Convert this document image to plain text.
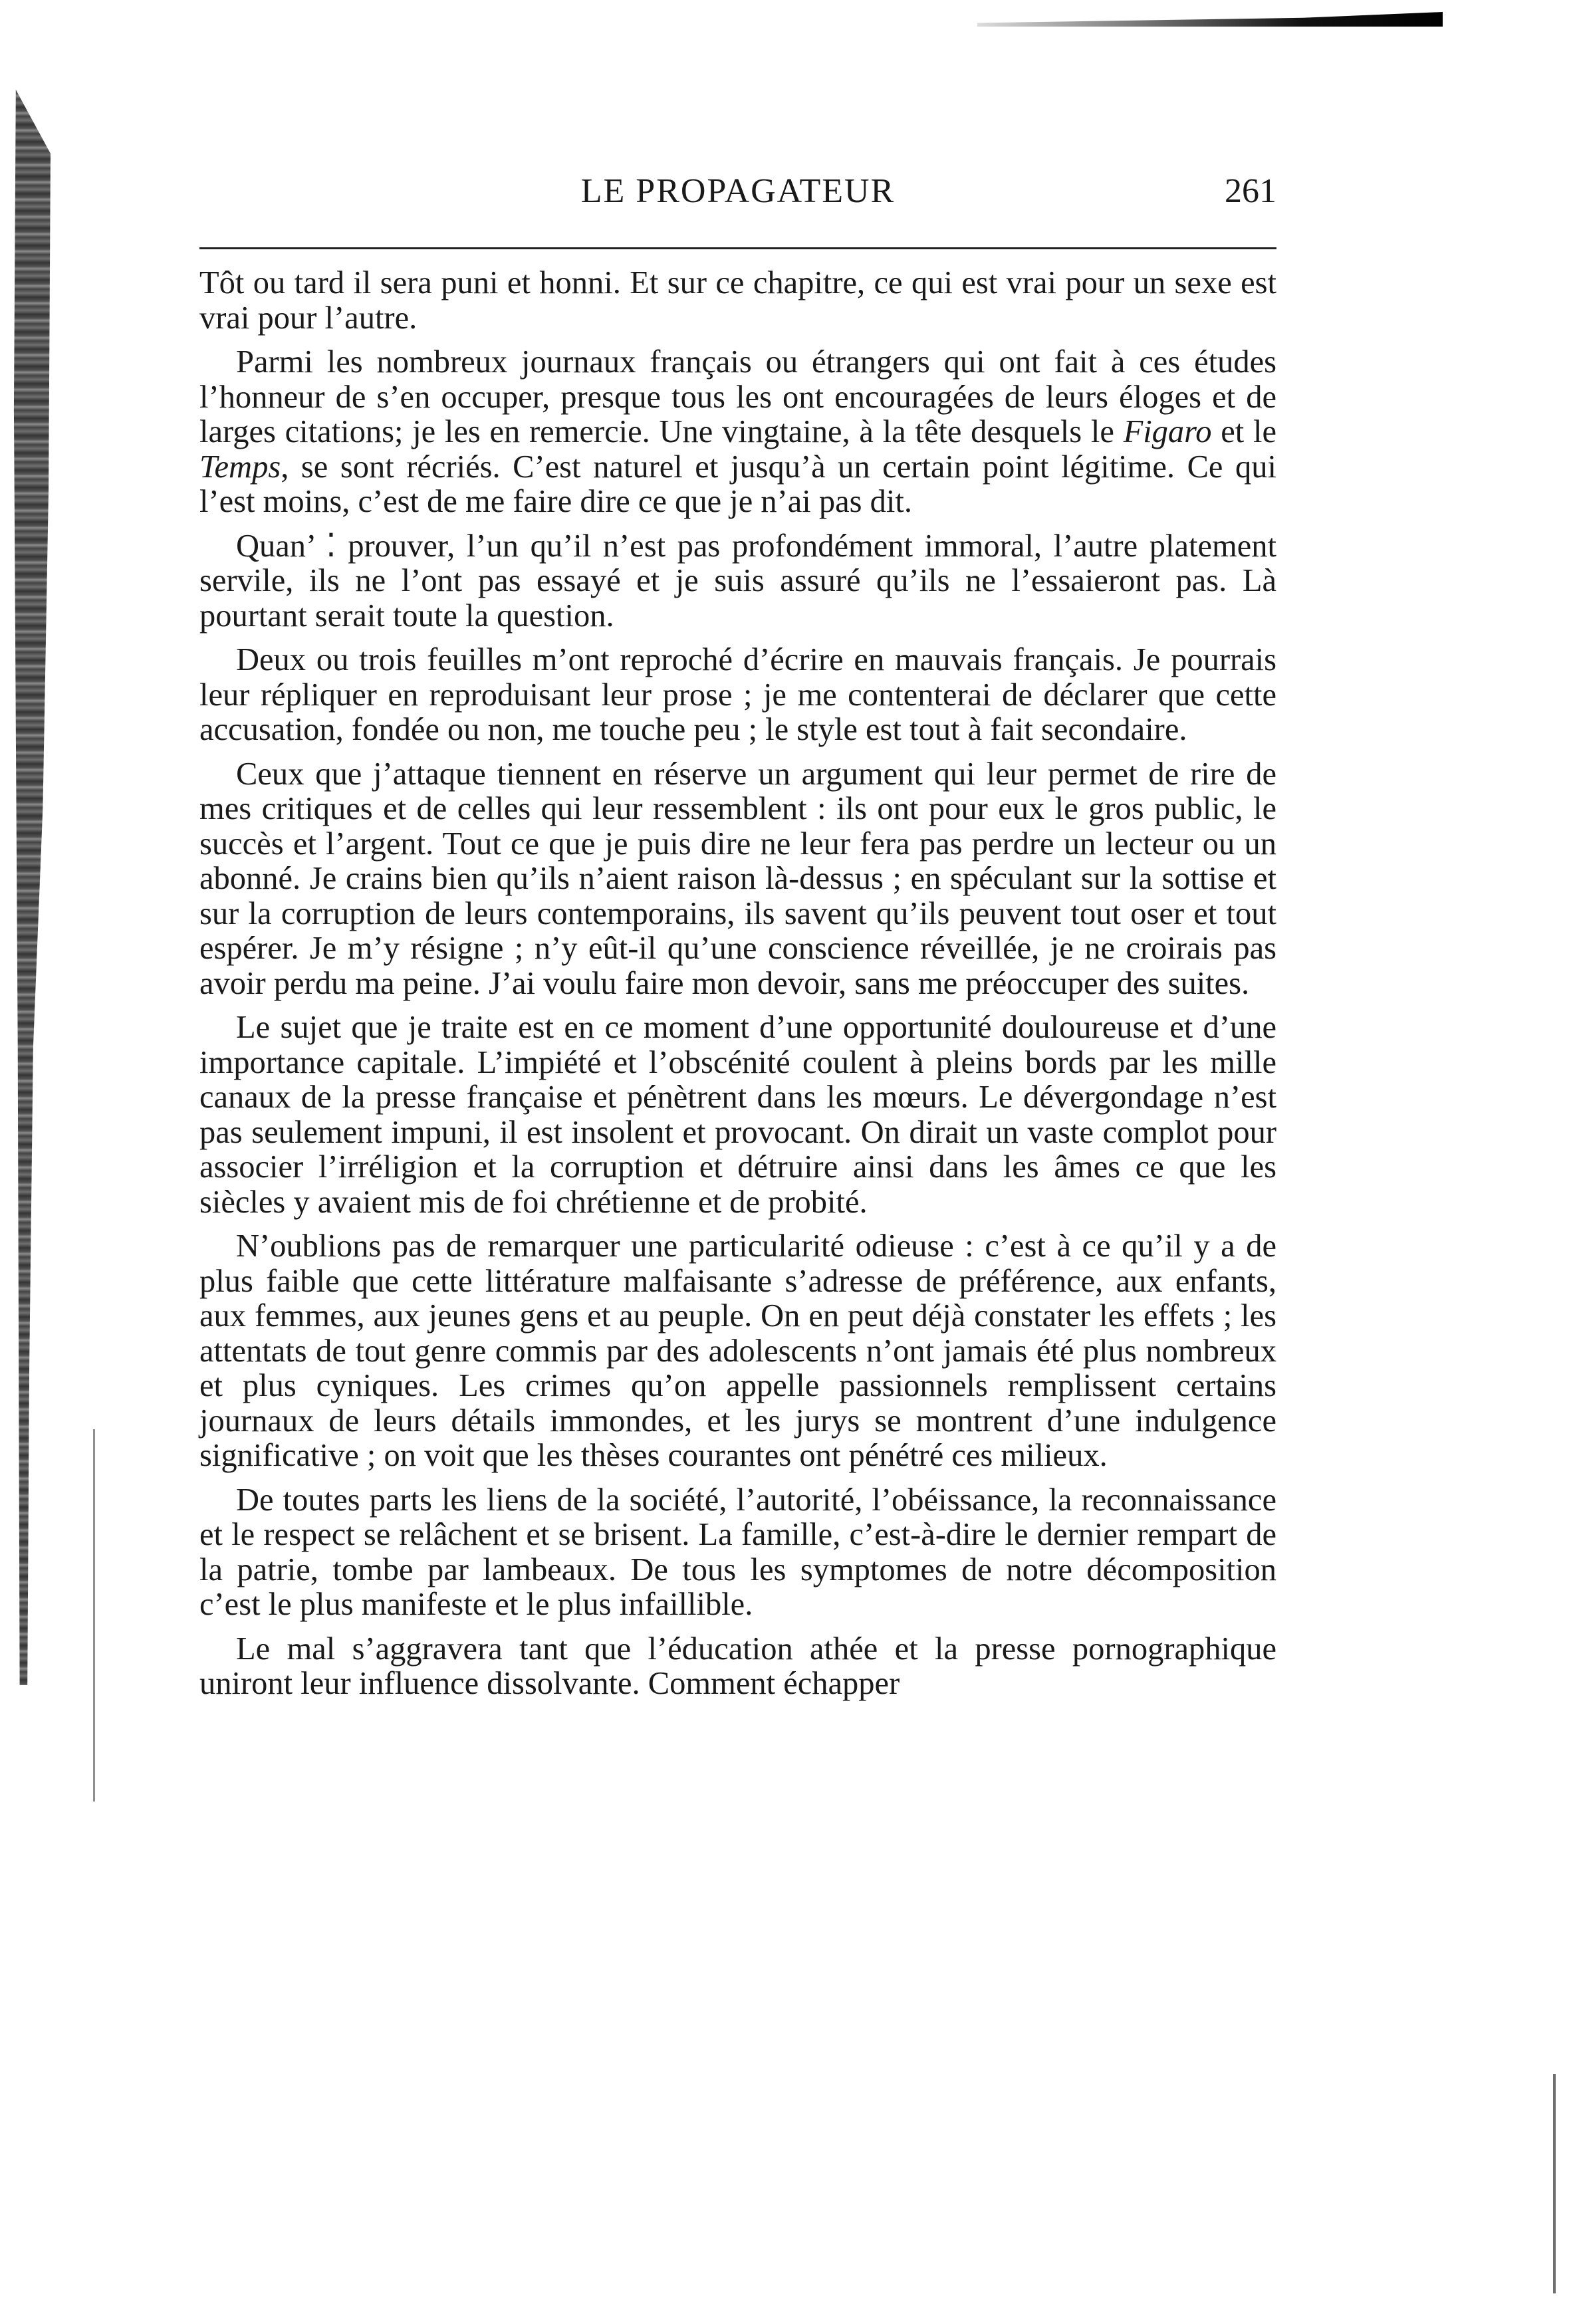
LE PROPAGATEUR	261

Tôt ou tard il sera puni et honni. Et sur ce chapitre, ce qui est vrai pour un sexe est vrai pour l’autre.

Parmi les nombreux journaux français ou étrangers qui ont fait à ces études l’honneur de s’en occuper, presque tous les ont encouragées de leurs éloges et de larges citations; je les en remercie. Une vingtaine, à la tête desquels le Figaro et le Temps, se sont récriés. C’est naturel et jusqu’à un certain point légitime. Ce qui l’est moins, c’est de me faire dire ce que je n’ai pas dit.

Quan’ ⁚ prouver, l’un qu’il n’est pas profondément immoral, l’autre platement servile, ils ne l’ont pas essayé et je suis assuré qu’ils ne l’essaieront pas. Là pourtant serait toute la question.

Deux ou trois feuilles m’ont reproché d’écrire en mauvais français. Je pourrais leur répliquer en reproduisant leur prose ; je me contenterai de déclarer que cette accusation, fondée ou non, me touche peu ; le style est tout à fait secondaire.

Ceux que j’attaque tiennent en réserve un argument qui leur permet de rire de mes critiques et de celles qui leur ressemblent : ils ont pour eux le gros public, le succès et l’argent. Tout ce que je puis dire ne leur fera pas perdre un lecteur ou un abonné. Je crains bien qu’ils n’aient raison là-dessus ; en spéculant sur la sottise et sur la corruption de leurs contemporains, ils savent qu’ils peuvent tout oser et tout espérer. Je m’y résigne ; n’y eût-il qu’une conscience réveillée, je ne croirais pas avoir perdu ma peine. J’ai voulu faire mon devoir, sans me préoccuper des suites.

Le sujet que je traite est en ce moment d’une opportunité douloureuse et d’une importance capitale. L’impiété et l’obscénité coulent à pleins bords par les mille canaux de la presse française et pénètrent dans les mœurs. Le dévergondage n’est pas seulement impuni, il est insolent et provocant. On dirait un vaste complot pour associer l’irréligion et la corruption et détruire ainsi dans les âmes ce que les siècles y avaient mis de foi chrétienne et de probité.

N’oublions pas de remarquer une particularité odieuse : c’est à ce qu’il y a de plus faible que cette littérature malfaisante s’adresse de préférence, aux enfants, aux femmes, aux jeunes gens et au peuple. On en peut déjà constater les effets ; les attentats de tout genre commis par des adolescents n’ont jamais été plus nombreux et plus cyniques. Les crimes qu’on appelle passionnels remplissent certains journaux de leurs détails immondes, et les jurys se montrent d’une indulgence significative ; on voit que les thèses courantes ont pénétré ces milieux.

De toutes parts les liens de la société, l’autorité, l’obéissance, la reconnaissance et le respect se relâchent et se brisent. La famille, c’est-à-dire le dernier rempart de la patrie, tombe par lambeaux. De tous les symptomes de notre décomposition c’est le plus manifeste et le plus infaillible.

Le mal s’aggravera tant que l’éducation athée et la presse pornographique uniront leur influence dissolvante. Comment échapper
